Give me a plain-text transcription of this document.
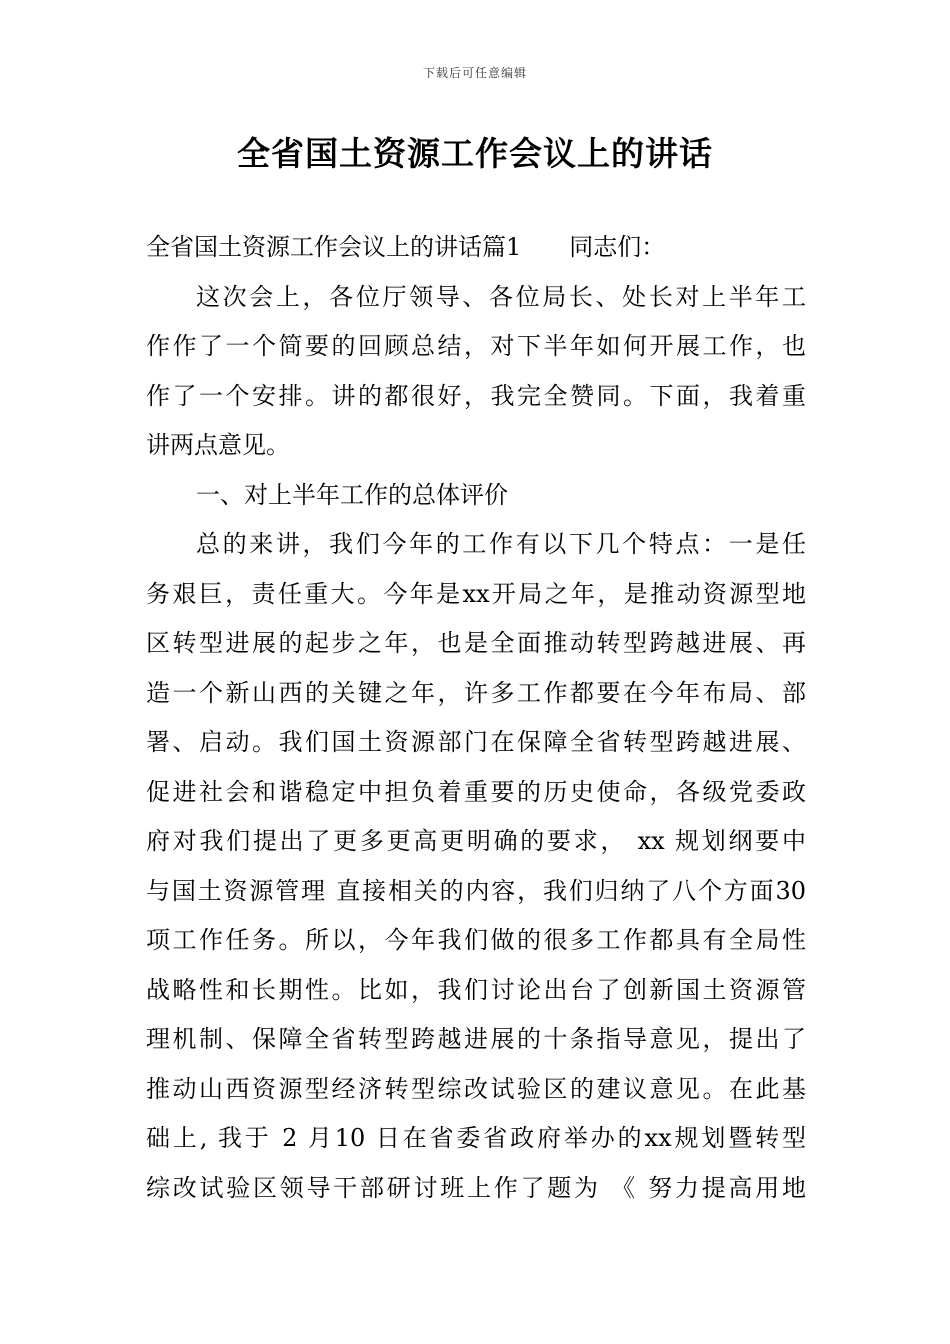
下载后可任意编辑
全省国土资源工作会议上的讲话
全省国土资源工作会议上的讲话篇1　　同志们：
这次会上，各位厅领导、各位局长、处长对上半年工
作作了一个简要的回顾总结，对下半年如何开展工作，也
作了一个安排。讲的都很好，我完全赞同。下面，我着重
讲两点意见。
一、对上半年工作的总体评价
总的来讲，我们今年的工作有以下几个特点：一是任
务艰巨，责任重大。今年是xx开局之年，是推动资源型地
区转型进展的起步之年，也是全面推动转型跨越进展、再
造一个新山西的关键之年，许多工作都要在今年布局、部
署、启动。我们国土资源部门在保障全省转型跨越进展、
促进社会和谐稳定中担负着重要的历史使命，各级党委政
府对我们提出了更多更高更明确的要求， xx 规划纲要中
与国土资源管理 直接相关的内容，我们归纳了八个方面30
项工作任务。所以，今年我们做的很多工作都具有全局性
战略性和长期性。比如，我们讨论出台了创新国土资源管
理机制、保障全省转型跨越进展的十条指导意见，提出了
推动山西资源型经济转型综改试验区的建议意见。在此基
础上, 我于 2 月10 日在省委省政府举办的xx规划暨转型
综改试验区领导干部研讨班上作了题为 《 努力提高用地
